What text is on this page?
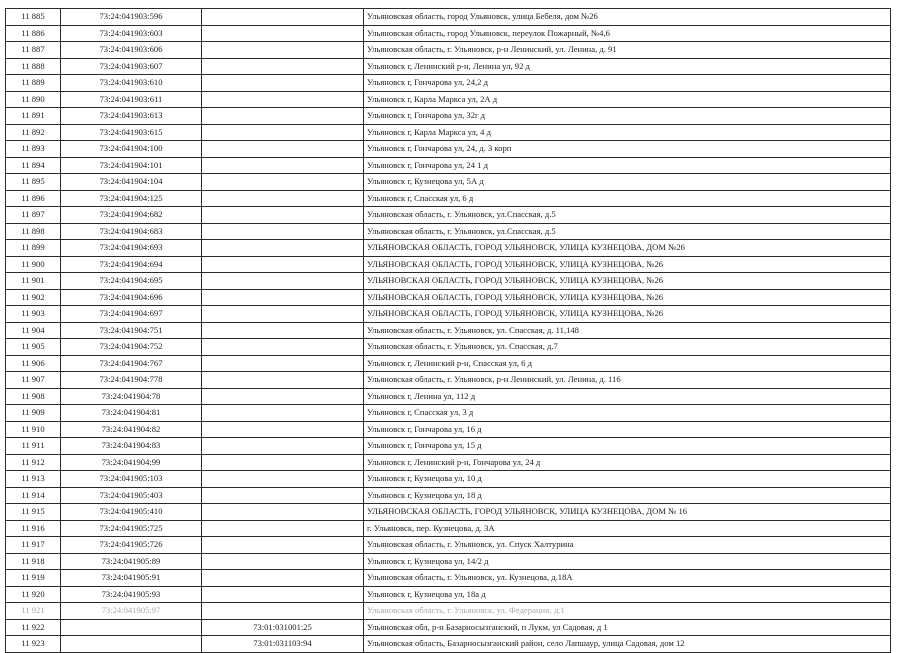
11 885	73:24:041903:596		Ульяновская область, город Ульяновск, улица Бебеля, дом №26
11 886	73:24:041903:603		Ульяновская область, город Ульяновск, переулок Пожарный, №4,6
11 887	73:24:041903:606		Ульяновская область, г. Ульяновск, р-н Ленинский, ул. Ленина, д. 91
11 888	73:24:041903:607		Ульяновск г, Ленинский р-н, Ленина ул, 92 д
11 889	73:24:041903:610		Ульяновск г, Гончарова ул, 24,2 д
11 890	73:24:041903:611		Ульяновск г, Карла Маркса ул, 2А д
11 891	73:24:041903:613		Ульяновск г, Гончарова ул, 32г д
11 892	73:24:041903:615		Ульяновск г, Карла Маркса ул, 4 д
11 893	73:24:041904:100		Ульяновск г, Гончарова ул, 24, д. 3 корп
11 894	73:24:041904:101		Ульяновск г, Гончарова ул, 24 1 д
11 895	73:24:041904:104		Ульяновск г, Кузнецова ул, 5А д
11 896	73:24:041904:125		Ульяновск г, Спасская ул, 6 д
11 897	73:24:041904:682		Ульяновская область, г. Ульяновск, ул.Спасская, д.5
11 898	73:24:041904:683		Ульяновская область, г. Ульяновск, ул.Спасская, д.5
11 899	73:24:041904:693		УЛЬЯНОВСКАЯ ОБЛАСТЬ, ГОРОД УЛЬЯНОВСК, УЛИЦА КУЗНЕЦОВА, ДОМ №26
11 900	73:24:041904:694		УЛЬЯНОВСКАЯ ОБЛАСТЬ, ГОРОД УЛЬЯНОВСК, УЛИЦА КУЗНЕЦОВА, №26
11 901	73:24:041904:695		УЛЬЯНОВСКАЯ ОБЛАСТЬ, ГОРОД УЛЬЯНОВСК, УЛИЦА КУЗНЕЦОВА, №26
11 902	73:24:041904:696		УЛЬЯНОВСКАЯ ОБЛАСТЬ, ГОРОД УЛЬЯНОВСК, УЛИЦА КУЗНЕЦОВА, №26
11 903	73:24:041904:697		УЛЬЯНОВСКАЯ ОБЛАСТЬ, ГОРОД УЛЬЯНОВСК, УЛИЦА КУЗНЕЦОВА, №26
11 904	73:24:041904:751		Ульяновская область, г. Ульяновск, ул. Спасская, д. 11,148
11 905	73:24:041904:752		Ульяновская область, г. Ульяновск, ул. Спасская, д.7
11 906	73:24:041904:767		Ульяновск г, Ленинский р-н, Спасская ул, 6 д
11 907	73:24:041904:778		Ульяновская область, г. Ульяновск, р-н Ленинский, ул. Ленина, д. 116
11 908	73:24:041904:78		Ульяновск г, Ленина ул, 112 д
11 909	73:24:041904:81		Ульяновск г, Спасская ул, 3 д
11 910	73:24:041904:82		Ульяновск г, Гончарова ул, 16 д
11 911	73:24:041904:83		Ульяновск г, Гончарова ул, 15 д
11 912	73:24:041904:99		Ульяновск г, Ленинский р-н, Гончарова ул, 24 д
11 913	73:24:041905:103		Ульяновск г, Кузнецова ул, 10 д
11 914	73:24:041905:403		Ульяновск г, Кузнецова ул, 18 д
11 915	73:24:041905:410		УЛЬЯНОВСКАЯ ОБЛАСТЬ, ГОРОД УЛЬЯНОВСК, УЛИЦА КУЗНЕЦОВА, ДОМ № 16
11 916	73:24:041905:725		г. Ульяновск, пер. Кузнецова, д. 3А
11 917	73:24:041905:726		Ульяновская область, г. Ульяновск, ул. Спуск Халтурина
11 918	73:24:041905:89		Ульяновск г, Кузнецова ул, 14/2 д
11 919	73:24:041905:91		Ульяновская область, г. Ульяновск, ул. Кузнецова, д.18А
11 920	73:24:041905:93		Ульяновск г, Кузнецова ул, 18а д
11 921	73:24:041905:97		Ульяновская область, г. Ульяновск, ул. Федерации, д.1
11 922		73:01:031001:25	Ульяновская обл, р-н Базарносызганский, п Лукм, ул Садовая, д 1
11 923		73:01:031103:94	Ульяновская область, Базарносызганский район, село Лапшаур, улица Садовая, дом 12
